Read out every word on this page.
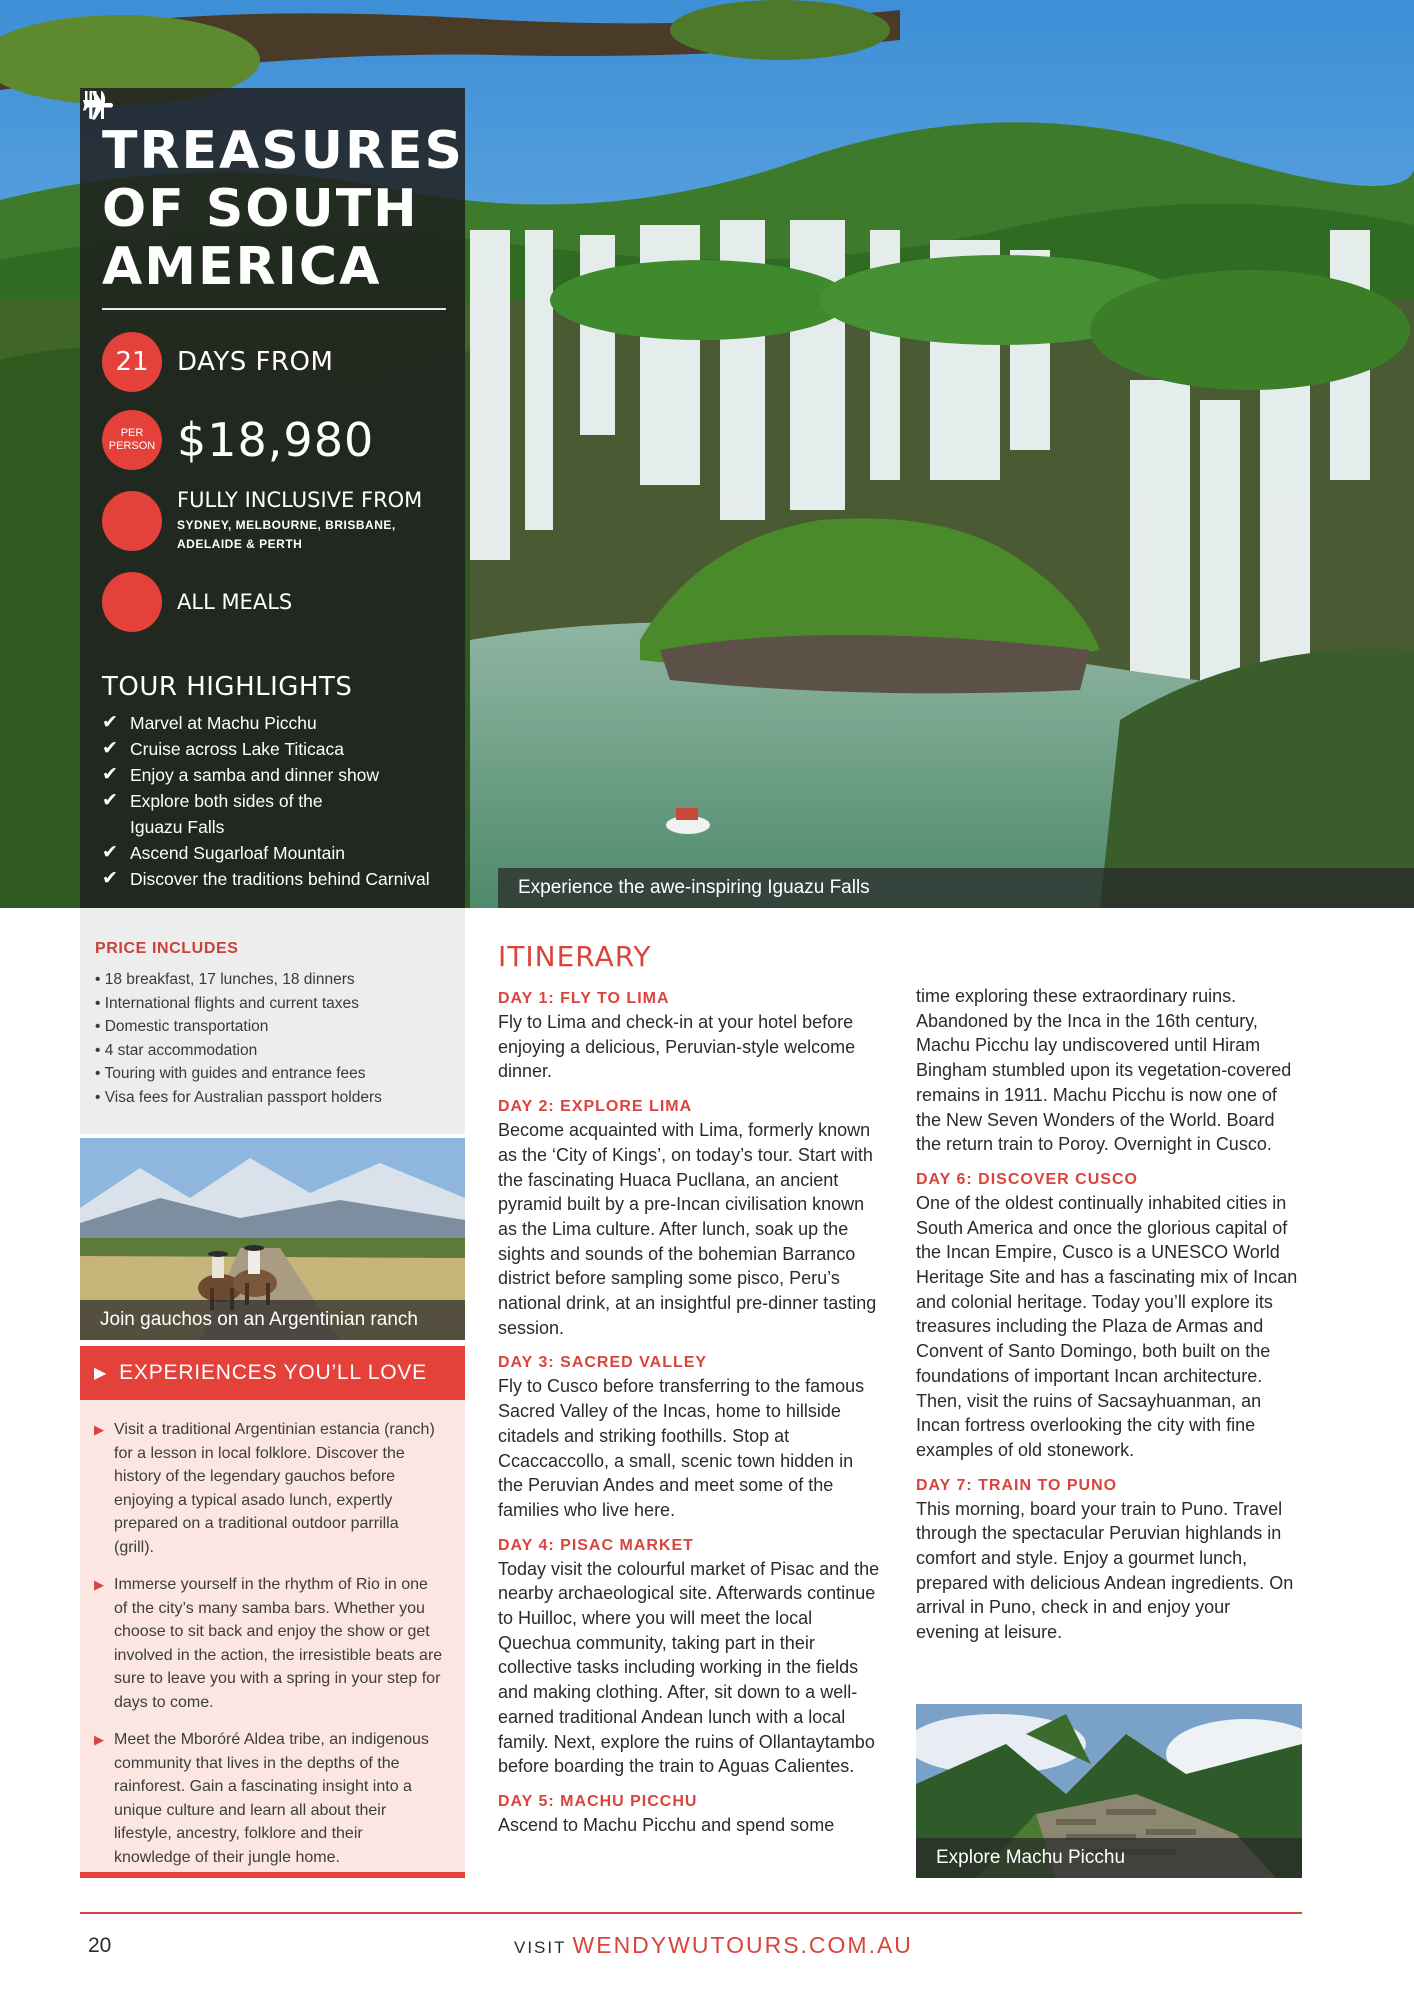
TREASURES
OF SOUTH
AMERICA
21 DAYS FROM
PER
PERSON $18,980
FULLY INCLUSIVE FROM
SYDNEY, MELBOURNE, BRISBANE, ADELAIDE & PERTH
ALL MEALS
TOUR HIGHLIGHTS
✔ Marvel at Machu Picchu
✔ Cruise across Lake Titicaca
✔ Enjoy a samba and dinner show
✔ Explore both sides of the Iguazu Falls
✔ Ascend Sugarloaf Mountain
✔ Discover the traditions behind Carnival	Experience the awe-inspiring Iguazu Falls
PRICE INCLUDES
• 18 breakfast, 17 lunches, 18 dinners
• International flights and current taxes
• Domestic transportation
• 4 star accommodation
• Touring with guides and entrance fees
• Visa fees for Australian passport holders
Join gauchos on an Argentinian ranch
▶ EXPERIENCES YOU’LL LOVE
▶ Visit a traditional Argentinian estancia (ranch) for a lesson in local folklore. Discover the history of the legendary gauchos before enjoying a typical asado lunch, expertly prepared on a traditional outdoor parrilla (grill).

▶ Immerse yourself in the rhythm of Rio in one of the city’s many samba bars. Whether you choose to sit back and enjoy the show or get involved in the action, the irresistible beats are sure to leave you with a spring in your step for days to come.

▶ Meet the Mboróré Aldea tribe, an indigenous community that lives in the depths of the rainforest. Gain a fascinating insight into a unique culture and learn all about their lifestyle, ancestry, folklore and their knowledge of their jungle home.

ITINERARY
DAY 1: FLY TO LIMA

Fly to Lima and check-in at your hotel before enjoying a delicious, Peruvian-style welcome dinner.

DAY 2: EXPLORE LIMA

Become acquainted with Lima, formerly known as the ‘City of Kings’, on today’s tour. Start with the fascinating Huaca Pucllana, an ancient pyramid built by a pre-Incan civilisation known as the Lima culture. After lunch, soak up the sights and sounds of the bohemian Barranco district before sampling some pisco, Peru’s national drink, at an insightful pre-dinner tasting session.

DAY 3: SACRED VALLEY

Fly to Cusco before transferring to the famous Sacred Valley of the Incas, home to hillside citadels and striking foothills. Stop at Ccaccaccollo, a small, scenic town hidden in the Peruvian Andes and meet some of the families who live here.

DAY 4: PISAC MARKET

Today visit the colourful market of Pisac and the nearby archaeological site. Afterwards continue to Huilloc, where you will meet the local Quechua community, taking part in their collective tasks including working in the fields and making clothing. After, sit down to a well-earned traditional Andean lunch with a local family. Next, explore the ruins of Ollantaytambo before boarding the train to Aguas Calientes.

DAY 5: MACHU PICCHU

Ascend to Machu Picchu and spend some

time exploring these extraordinary ruins. Abandoned by the Inca in the 16th century, Machu Picchu lay undiscovered until Hiram Bingham stumbled upon its vegetation-covered remains in 1911. Machu Picchu is now one of the New Seven Wonders of the World. Board the return train to Poroy. Overnight in Cusco.

DAY 6: DISCOVER CUSCO

One of the oldest continually inhabited cities in South America and once the glorious capital of the Incan Empire, Cusco is a UNESCO World Heritage Site and has a fascinating mix of Incan and colonial heritage. Today you’ll explore its treasures including the Plaza de Armas and Convent of Santo Domingo, both built on the foundations of important Incan architecture. Then, visit the ruins of Sacsayhuanman, an Incan fortress overlooking the city with fine examples of old stonework.

DAY 7: TRAIN TO PUNO

This morning, board your train to Puno. Travel through the spectacular Peruvian highlands in comfort and style. Enjoy a gourmet lunch, prepared with delicious Andean ingredients. On arrival in Puno, check in and enjoy your evening at leisure.

Explore Machu Picchu
20	VISIT WENDYWUTOURS.COM.AU
